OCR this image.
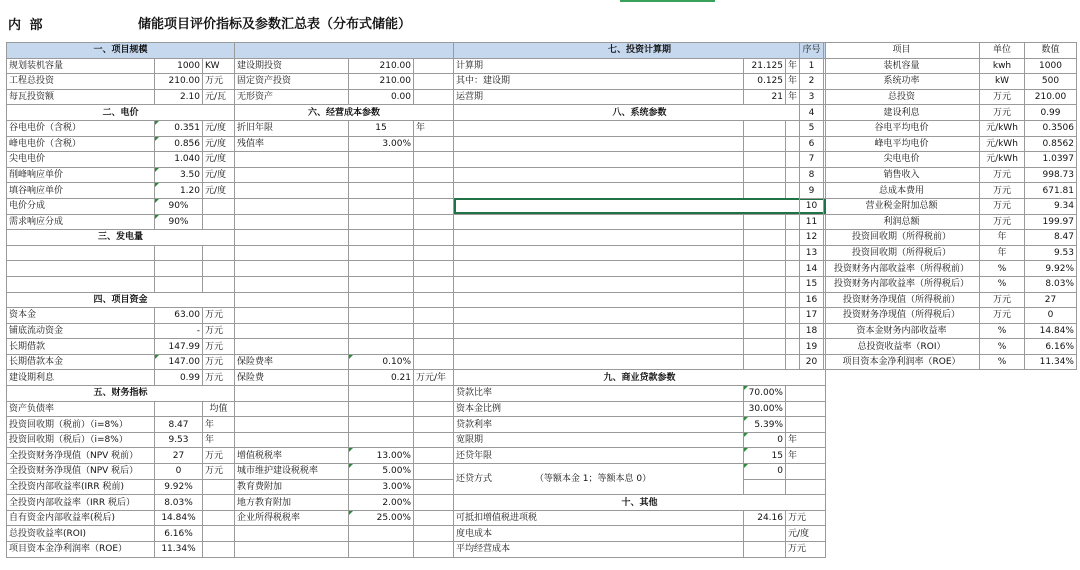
内 部	储能项目评价指标及参数汇总表（分布式储能）
一、项目规模						七、投资计算期		
规划装机容量	1000	KW	建设期投资	210.00		计算期	21.125	年
工程总投资	210.00	万元	固定资产投资	210.00		其中：建设期	0.125	年
每瓦投资额	2.10	元/瓦	无形资产	0.00		运营期	21	年
二、电价			六、经营成本参数			八、系统参数		
谷电电价（含税）	0.351	元/度	折旧年限	15	年			
峰电电价（含税）	0.856	元/度	残值率	3.00%				
尖电电价	1.040	元/度						
削峰响应单价	3.50	元/度						
填谷响应单价	1.20	元/度						
电价分成	90%							
需求响应分成	90%							
三、发电量								

四、项目资金								
资本金	63.00	万元						
铺底流动资金	-	万元						
长期借款	147.99	万元						
长期借款本金	147.00	万元	保险费率	0.10%				
建设期利息	0.99	万元	保险费	0.21	万元/年	九、商业贷款参数		
五、财务指标						贷款比率	70.00%	
资产负债率		均值				资本金比例	30.00%	
投资回收期（税前）（i=8%）	8.47	年				贷款利率	5.39%	
投资回收期（税后）（i=8%）	9.53	年				宽限期	0	年
全投资财务净现值（NPV 税前）	27	万元	增值税税率	13.00%		还贷年限	15	年
全投资财务净现值（NPV 税后）	0	万元	城市维护建设税税率	5.00%		还贷方式 （等额本金 1；等额本息 0）	0	
全投资内部收益率(IRR 税前)	9.92%		教育费附加	3.00%				
全投资内部收益率（IRR 税后）	8.03%		地方教育附加	2.00%		十、其他		
自有资金内部收益率(税后)	14.84%		企业所得税税率	25.00%		可抵扣增值税进项税	24.16	万元
总投资收益率(ROI)	6.16%					度电成本		元/度
项目资本金净利润率（ROE）	11.34%					平均经营成本		万元
序号	项目	单位	数值
1	装机容量	kwh	1000
2	系统功率	kW	500
3	总投资	万元	210.00
4	建设利息	万元	0.99
5	谷电平均电价	元/kWh	0.3506
6	峰电平均电价	元/kWh	0.8562
7	尖电电价	元/kWh	1.0397
8	销售收入	万元	998.73
9	总成本费用	万元	671.81
10	营业税金附加总额	万元	9.34
11	利润总额	万元	199.97
12	投资回收期（所得税前）	年	8.47
13	投资回收期（所得税后）	年	9.53
14	投资财务内部收益率（所得税前）	%	9.92%
15	投资财务内部收益率（所得税后）	%	8.03%
16	投资财务净现值（所得税前）	万元	27
17	投资财务净现值（所得税后）	万元	0
18	资本金财务内部收益率	%	14.84%
19	总投资收益率（ROI）	%	6.16%
20	项目资本金净利润率（ROE）	%	11.34%
